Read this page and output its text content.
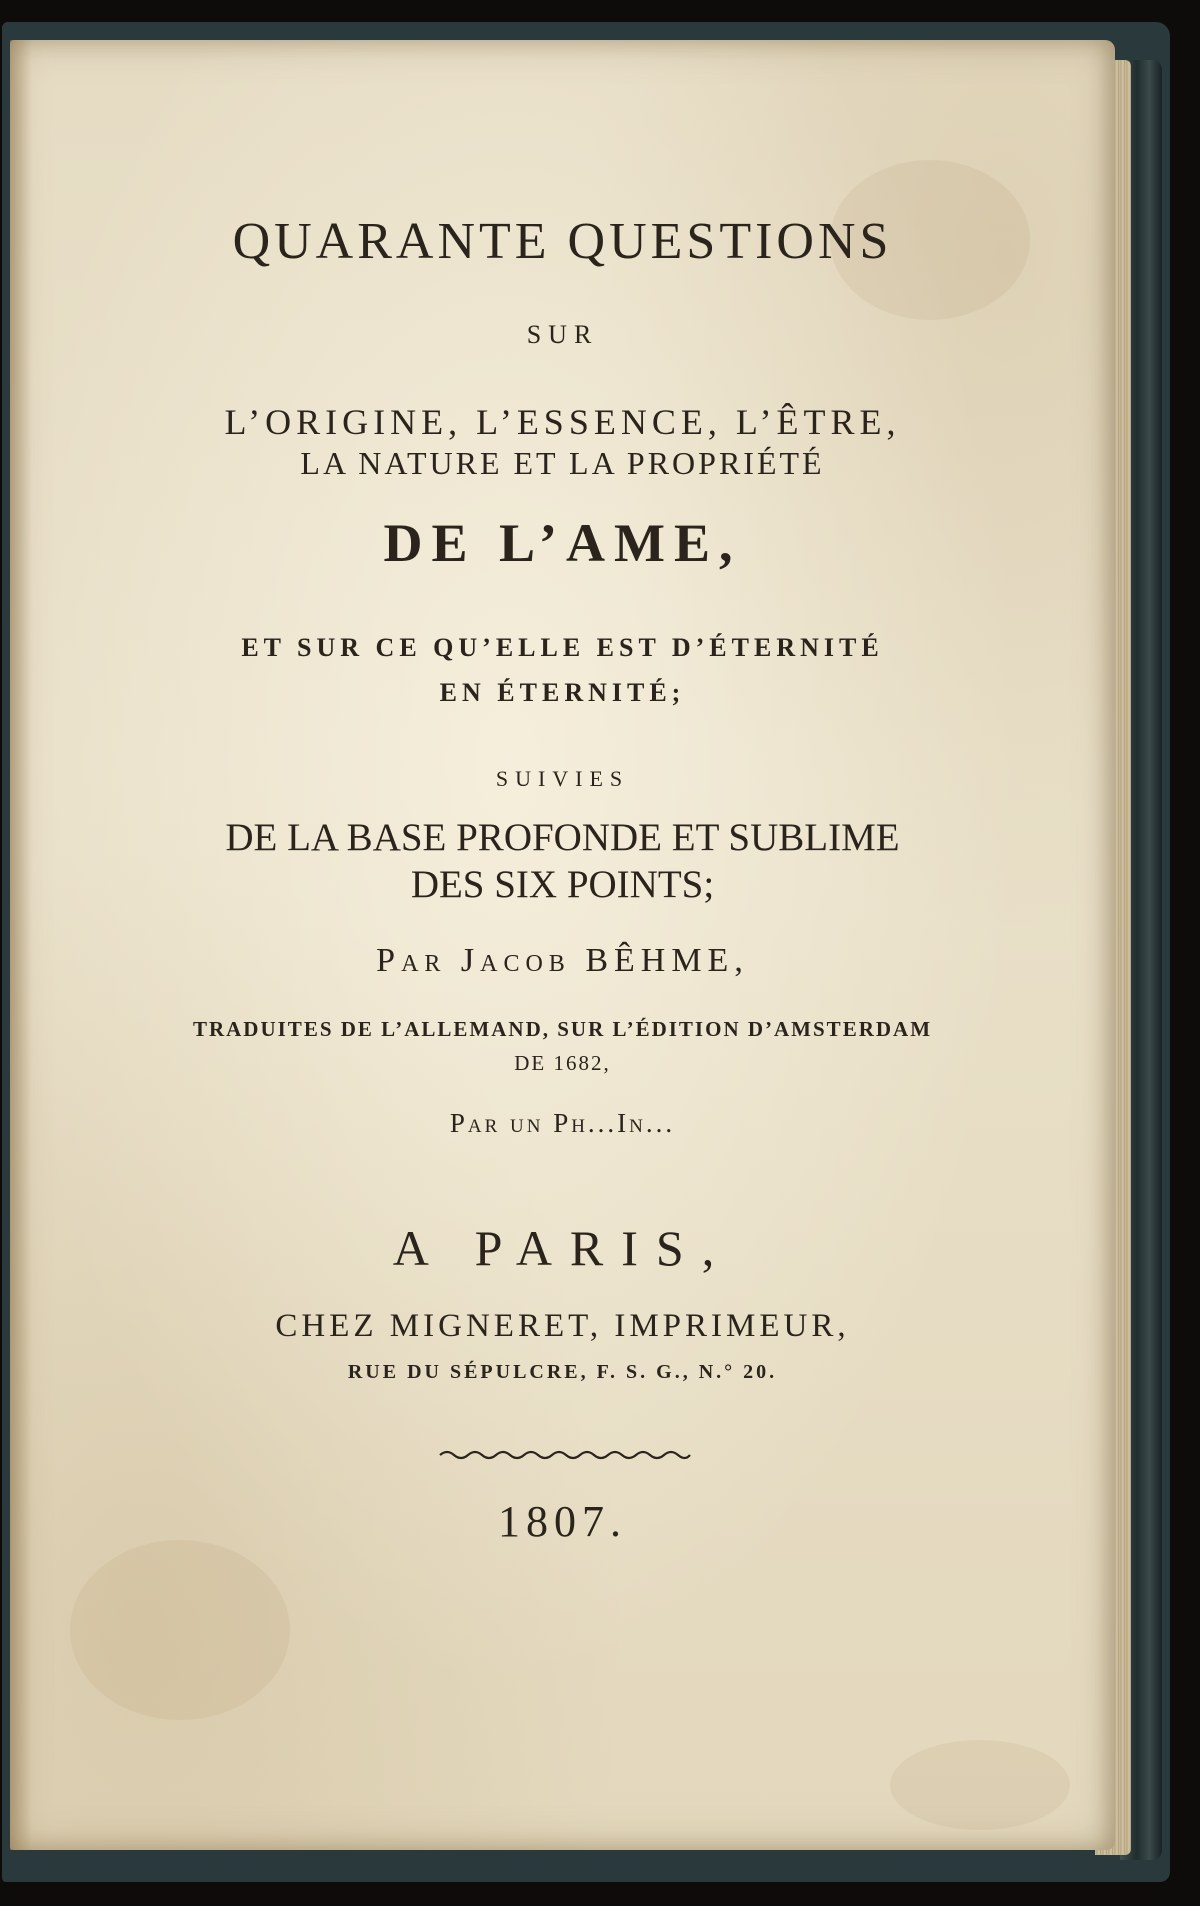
QUARANTE QUESTIONS
SUR
L’ORIGINE, L’ESSENCE, L’ÊTRE,
LA NATURE ET LA PROPRIÉTÉ
DE L’AME,
ET SUR CE QU’ELLE EST D’ÉTERNITÉ
EN ÉTERNITÉ;
SUIVIES
DE LA BASE PROFONDE ET SUBLIME
DES SIX POINTS;
Par Jacob BÊHME,
TRADUITES DE L’ALLEMAND, SUR L’ÉDITION D’AMSTERDAM
DE 1682,
Par un Ph...In...
A PARIS,
CHEZ MIGNERET, IMPRIMEUR,
RUE DU SÉPULCRE, F. S. G., N.° 20.
1807.
